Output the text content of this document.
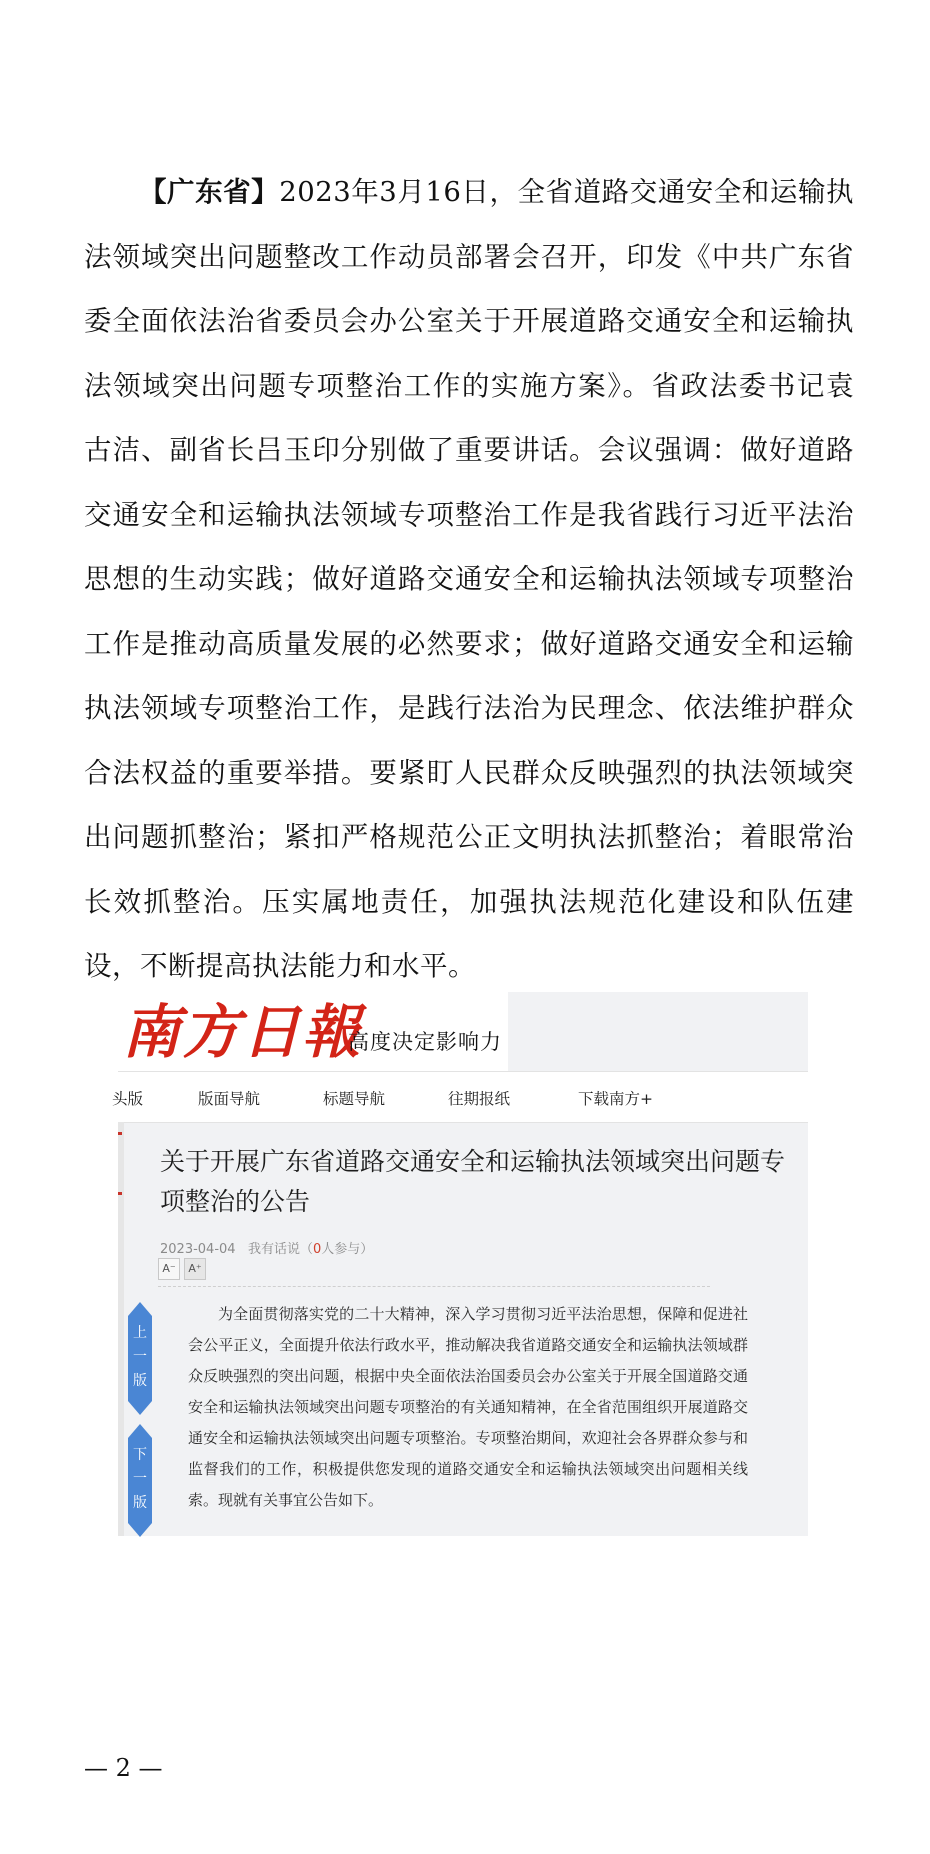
【广东省】2023年3月16日，全省道路交通安全和运输执法领域突出问题整改工作动员部署会召开，印发《中共广东省委全面依法治省委员会办公室关于开展道路交通安全和运输执法领域突出问题专项整治工作的实施方案》。省政法委书记袁古洁、副省长吕玉印分别做了重要讲话。会议强调：做好道路交通安全和运输执法领域专项整治工作是我省践行习近平法治思想的生动实践；做好道路交通安全和运输执法领域专项整治工作是推动高质量发展的必然要求；做好道路交通安全和运输执法领域专项整治工作，是践行法治为民理念、依法维护群众合法权益的重要举措。要紧盯人民群众反映强烈的执法领域突出问题抓整治；紧扣严格规范公正文明执法抓整治；着眼常治长效抓整治。压实属地责任，加强执法规范化建设和队伍建设，不断提高执法能力和水平。

南方日報
高度决定影响力
头版	版面导航	标题导航	往期报纸	下载南方+
上
一
版
下
一
版
关于开展广东省道路交通安全和运输执法领域突出问题专项整治的公告
2023-04-04 我有话说（0人参与）
A⁻	A⁺
为全面贯彻落实党的二十大精神，深入学习贯彻习近平法治思想，保障和促进社会公平正义，全面提升依法行政水平，推动解决我省道路交通安全和运输执法领域群众反映强烈的突出问题，根据中央全面依法治国委员会办公室关于开展全国道路交通安全和运输执法领域突出问题专项整治的有关通知精神，在全省范围组织开展道路交通安全和运输执法领域突出问题专项整治。专项整治期间，欢迎社会各界群众参与和监督我们的工作，积极提供您发现的道路交通安全和运输执法领域突出问题相关线索。现就有关事宜公告如下。
— 2 —
